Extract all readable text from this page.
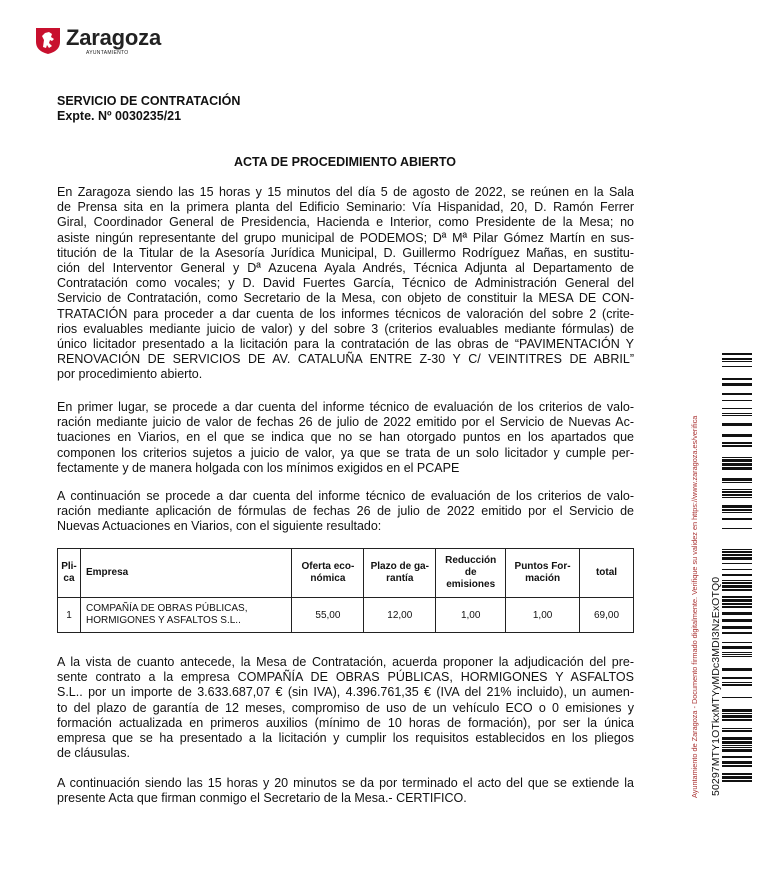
Zaragoza
AYUNTAMIENTO
SERVICIO DE CONTRATACIÓN
Expte. Nº 0030235/21
ACTA DE PROCEDIMIENTO ABIERTO
En Zaragoza siendo las 15 horas y 15 minutos del día 5 de agosto de 2022, se reúnen en la Sala
de Prensa sita en la primera planta del Edificio Seminario: Vía Hispanidad, 20, D. Ramón Ferrer
Giral, Coordinador General de Presidencia, Hacienda e Interior, como Presidente de la Mesa; no
asiste ningún representante del grupo municipal de PODEMOS; Dª Mª Pilar Gómez Martín en sus-
titución de la Titular de la Asesoría Jurídica Municipal, D. Guillermo Rodríguez Mañas, en sustitu-
ción del Interventor General y Dª Azucena Ayala Andrés, Técnica Adjunta al Departamento de
Contratación como vocales; y D. David Fuertes García, Técnico de Administración General del
Servicio de Contratación, como Secretario de la Mesa, con objeto de constituir la MESA DE CON-
TRATACIÓN para proceder a dar cuenta de los informes técnicos de valoración del sobre 2 (crite-
rios evaluables mediante juicio de valor) y del sobre 3 (criterios evaluables mediante fórmulas) de
único licitador presentado a la licitación para la contratación de las obras de “PAVIMENTACIÓN Y
RENOVACIÓN DE SERVICIOS DE AV. CATALUÑA ENTRE Z-30 Y C/ VEINTITRES DE ABRIL”
por procedimiento abierto.
En primer lugar, se procede a dar cuenta del informe técnico de evaluación de los criterios de valo-
ración mediante juicio de valor de fechas 26 de julio de 2022 emitido por el Servicio de Nuevas Ac-
tuaciones en Viarios, en el que se indica que no se han otorgado puntos en los apartados que
componen los criterios sujetos a juicio de valor, ya que se trata de un solo licitador y cumple per-
fectamente y de manera holgada con los mínimos exigidos en el PCAPE
A continuación se procede a dar cuenta del informe técnico de evaluación de los criterios de valo-
ración mediante aplicación de fórmulas de fechas 26 de julio de 2022 emitido por el Servicio de
Nuevas Actuaciones en Viarios, con el siguiente resultado:
Pli-
ca	Empresa	Oferta eco-
nómica	Plazo de ga-
rantía	Reducción
de
emisiones	Puntos For-
mación	total
1	COMPAÑÍA DE OBRAS PÚBLICAS,
HORMIGONES Y ASFALTOS S.L..	55,00	12,00	1,00	1,00	69,00
A la vista de cuanto antecede, la Mesa de Contratación, acuerda proponer la adjudicación del pre-
sente contrato a la empresa COMPAÑÍA DE OBRAS PÚBLICAS, HORMIGONES Y ASFALTOS
S.L.. por un importe de 3.633.687,07 € (sin IVA), 4.396.761,35 € (IVA del 21% incluido), un aumen-
to del plazo de garantía de 12 meses, compromiso de uso de un vehículo ECO o 0 emisiones y
formación actualizada en primeros auxilios (mínimo de 10 horas de formación), por ser la única
empresa que se ha presentado a la licitación y cumplir los requisitos establecidos en los pliegos
de cláusulas.
A continuación siendo las 15 horas y 20 minutos se da por terminado el acto del que se extiende la
presente Acta que firman conmigo el Secretario de la Mesa.- CERTIFICO.
Ayuntamiento de Zaragoza - Documento firmado digitalmente. Verifique su validez en https://www.zaragoza.es/verifica 50297MTY1OTkxMTYyMDc3MDI3NzExOTQ0
